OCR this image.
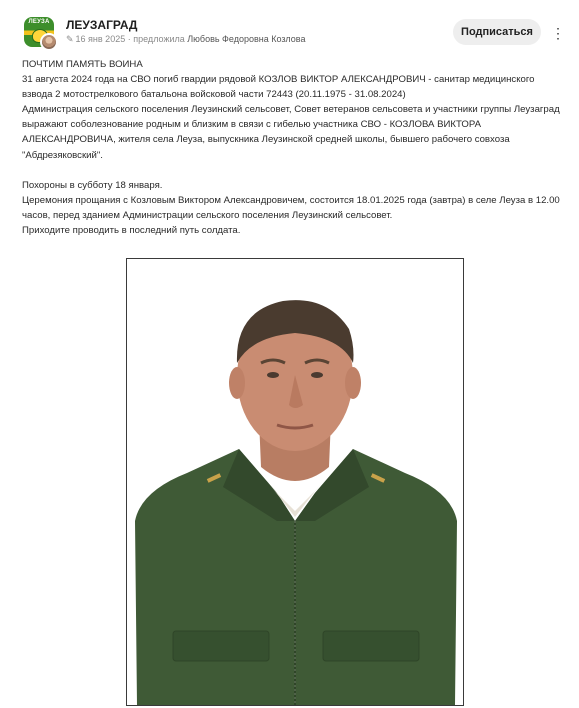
ЛЕУЗА	ЛЕУЗАГРАД
✎ 16 янв 2025 · предложила Любовь Федоровна Козлова
Подписаться	⋮

ПОЧТИМ ПАМЯТЬ ВОИНА

31 августа 2024 года на СВО погиб гвардии рядовой КОЗЛОВ ВИКТОР АЛЕКСАНДРОВИЧ - санитар медицинского взвода 2 мотострелкового батальона войсковой части 72443 (20.11.1975 - 31.08.2024)

Администрация сельского поселения Леузинский сельсовет, Совет ветеранов сельсовета и участники группы Леузаград выражают соболезнование родным и близким в связи с гибелью участника СВО - КОЗЛОВА ВИКТОРА АЛЕКСАНДРОВИЧА, жителя села Леуза, выпускника Леузинской средней школы, бывшего рабочего совхоза "Абдрезяковский".

Похороны в субботу 18 января.

Церемония прощания с Козловым Виктором Александровичем, состоится 18.01.2025 года (завтра) в селе Леуза в 12.00 часов, перед зданием Администрации сельского поселения Леузинский сельсовет.

Приходите проводить в последний путь солдата.
